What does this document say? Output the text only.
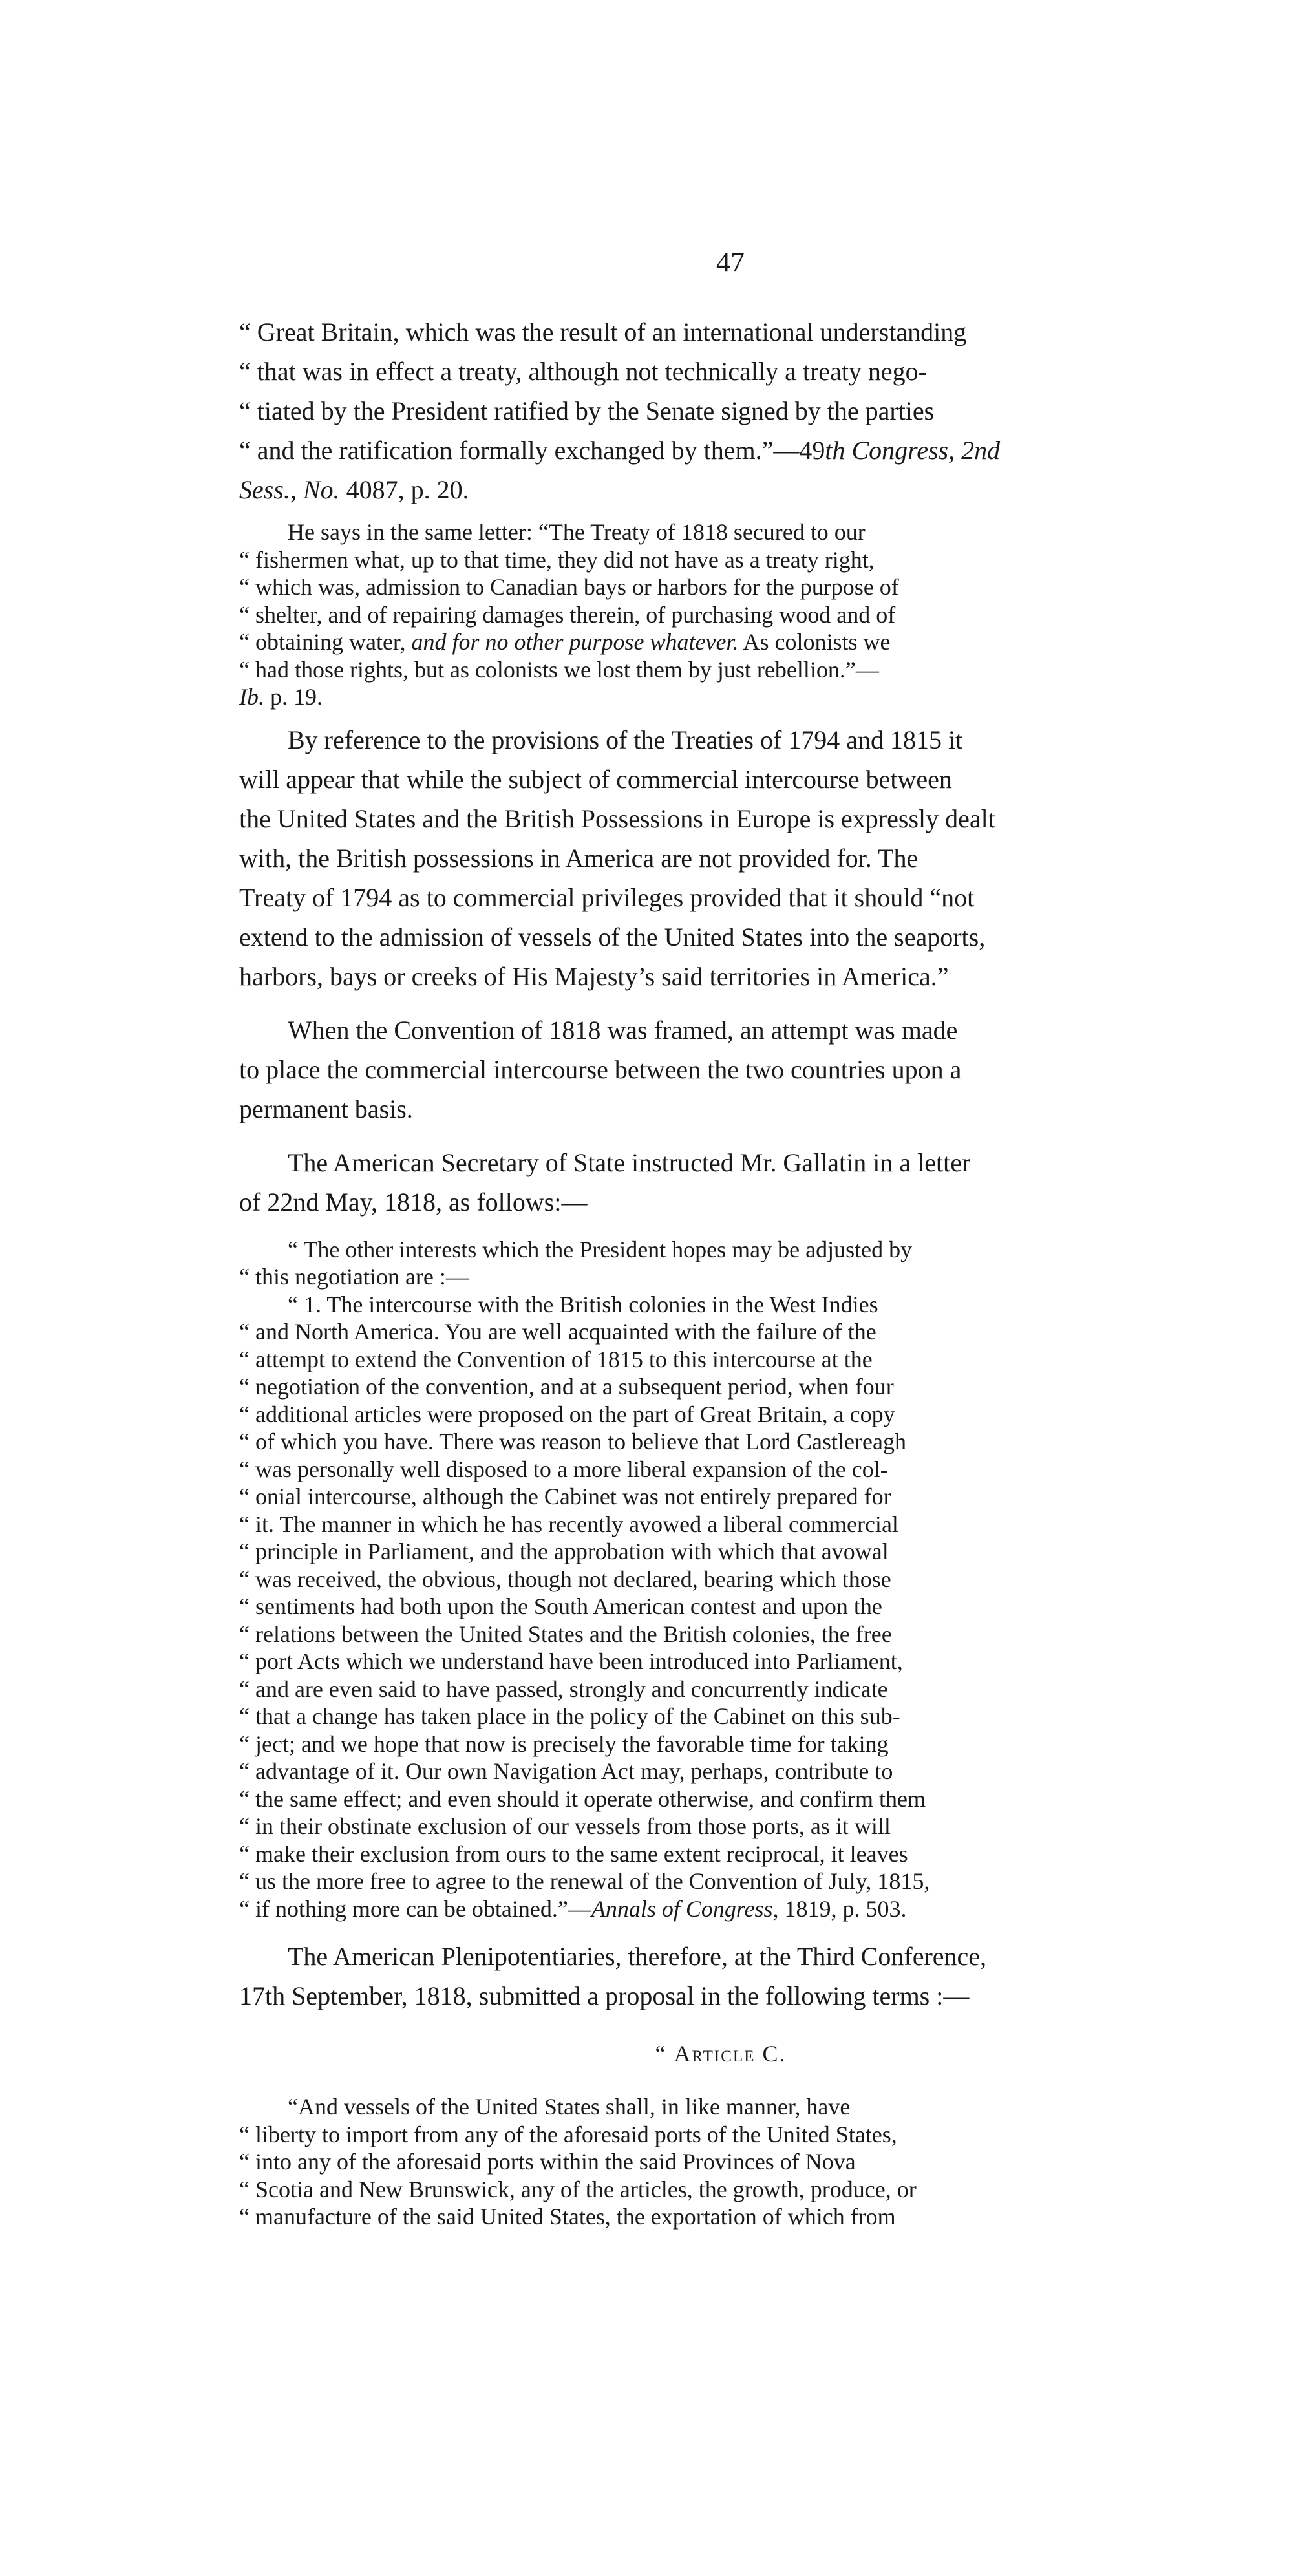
47

“ Great Britain, which was the result of an international understanding
“ that was in effect a treaty, although not technically a treaty nego-
“ tiated by the President ratified by the Senate signed by the parties
“ and the ratification formally exchanged by them.”—49th Congress, 2nd
Sess., No. 4087, p. 20.

He says in the same letter: “The Treaty of 1818 secured to our
“ fishermen what, up to that time, they did not have as a treaty right,
“ which was, admission to Canadian bays or harbors for the purpose of
“ shelter, and of repairing damages therein, of purchasing wood and of
“ obtaining water, and for no other purpose whatever. As colonists we
“ had those rights, but as colonists we lost them by just rebellion.”—
Ib. p. 19.

By reference to the provisions of the Treaties of 1794 and 1815 it
will appear that while the subject of commercial intercourse between
the United States and the British Possessions in Europe is expressly dealt
with, the British possessions in America are not provided for. The
Treaty of 1794 as to commercial privileges provided that it should “not
extend to the admission of vessels of the United States into the seaports,
harbors, bays or creeks of His Majesty’s said territories in America.”

When the Convention of 1818 was framed, an attempt was made
to place the commercial intercourse between the two countries upon a
permanent basis.

The American Secretary of State instructed Mr. Gallatin in a letter
of 22nd May, 1818, as follows:—

“ The other interests which the President hopes may be adjusted by
“ this negotiation are :—

“ 1. The intercourse with the British colonies in the West Indies
“ and North America. You are well acquainted with the failure of the
“ attempt to extend the Convention of 1815 to this intercourse at the
“ negotiation of the convention, and at a subsequent period, when four
“ additional articles were proposed on the part of Great Britain, a copy
“ of which you have. There was reason to believe that Lord Castlereagh
“ was personally well disposed to a more liberal expansion of the col-
“ onial intercourse, although the Cabinet was not entirely prepared for
“ it. The manner in which he has recently avowed a liberal commercial
“ principle in Parliament, and the approbation with which that avowal
“ was received, the obvious, though not declared, bearing which those
“ sentiments had both upon the South American contest and upon the
“ relations between the United States and the British colonies, the free
“ port Acts which we understand have been introduced into Parliament,
“ and are even said to have passed, strongly and concurrently indicate
“ that a change has taken place in the policy of the Cabinet on this sub-
“ ject; and we hope that now is precisely the favorable time for taking
“ advantage of it. Our own Navigation Act may, perhaps, contribute to
“ the same effect; and even should it operate otherwise, and confirm them
“ in their obstinate exclusion of our vessels from those ports, as it will
“ make their exclusion from ours to the same extent reciprocal, it leaves
“ us the more free to agree to the renewal of the Convention of July, 1815,
“ if nothing more can be obtained.”—Annals of Congress, 1819, p. 503.

The American Plenipotentiaries, therefore, at the Third Conference,
17th September, 1818, submitted a proposal in the following terms :—

“ Article C.

“And vessels of the United States shall, in like manner, have
“ liberty to import from any of the aforesaid ports of the United States,
“ into any of the aforesaid ports within the said Provinces of Nova
“ Scotia and New Brunswick, any of the articles, the growth, produce, or
“ manufacture of the said United States, the exportation of which from
